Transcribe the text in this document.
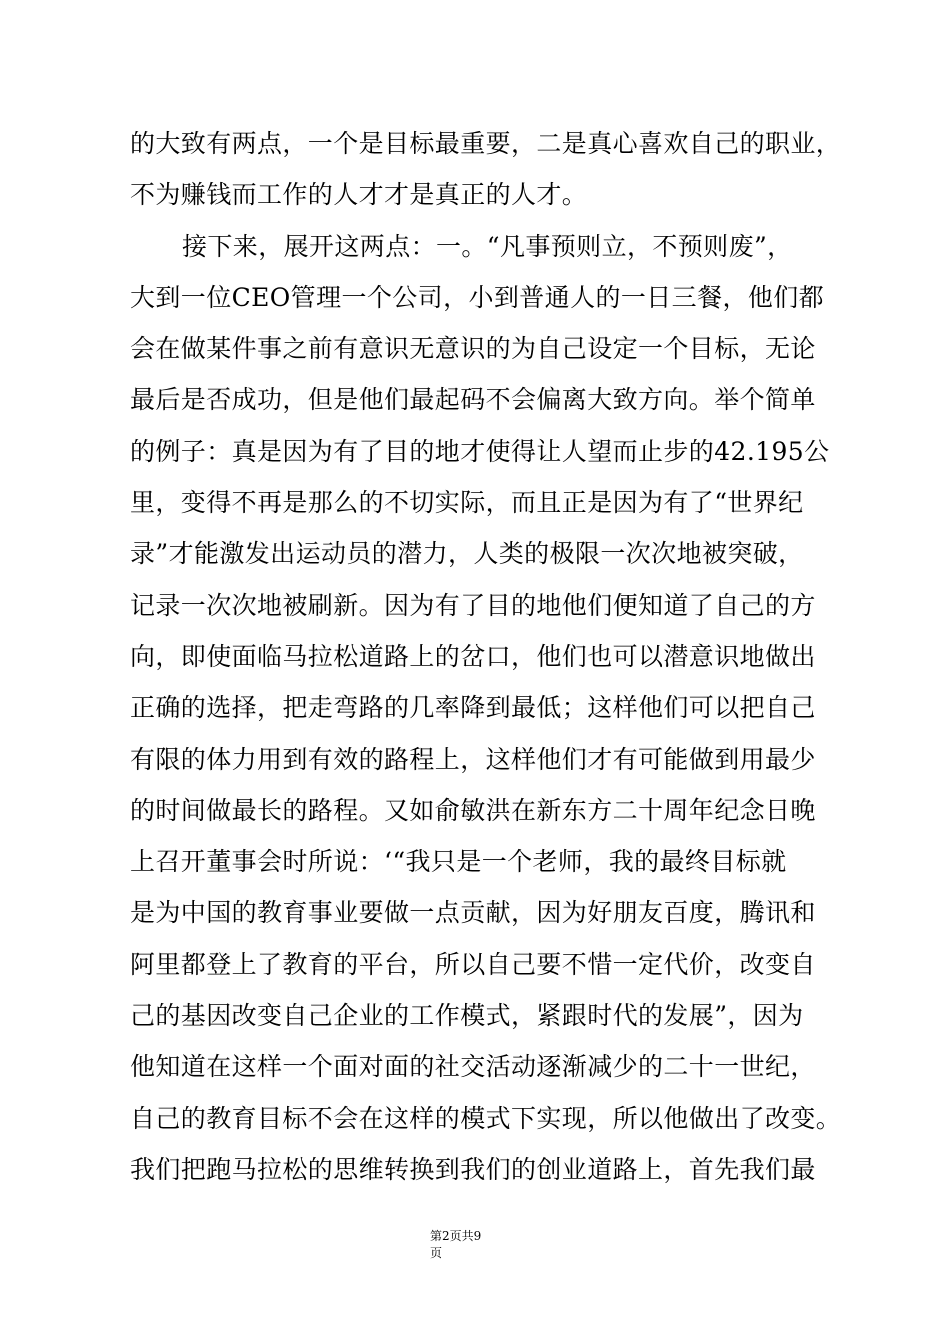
的大致有两点，一个是目标最重要，二是真心喜欢自己的职业，
不为赚钱而工作的人才才是真正的人才。
接下来，展开这两点：一。“凡事预则立，不预则废”，
大到一位CEO管理一个公司，小到普通人的一日三餐，他们都
会在做某件事之前有意识无意识的为自己设定一个目标，无论
最后是否成功，但是他们最起码不会偏离大致方向。举个简单
的例子：真是因为有了目的地才使得让人望而止步的42.195公
里，变得不再是那么的不切实际，而且正是因为有了“世界纪
录”才能激发出运动员的潜力，人类的极限一次次地被突破，
记录一次次地被刷新。因为有了目的地他们便知道了自己的方
向，即使面临马拉松道路上的岔口，他们也可以潜意识地做出
正确的选择，把走弯路的几率降到最低；这样他们可以把自己
有限的体力用到有效的路程上，这样他们才有可能做到用最少
的时间做最长的路程。又如俞敏洪在新东方二十周年纪念日晚
上召开董事会时所说：‘“我只是一个老师，我的最终目标就
是为中国的教育事业要做一点贡献，因为好朋友百度，腾讯和
阿里都登上了教育的平台，所以自己要不惜一定代价，改变自
己的基因改变自己企业的工作模式，紧跟时代的发展”，因为
他知道在这样一个面对面的社交活动逐渐减少的二十一世纪，
自己的教育目标不会在这样的模式下实现，所以他做出了改变。
我们把跑马拉松的思维转换到我们的创业道路上，首先我们最
第2页共9
页
